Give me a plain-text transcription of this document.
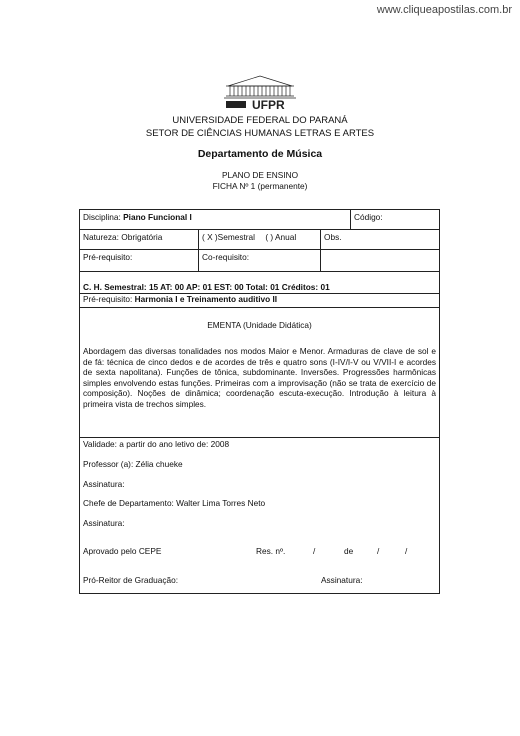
www.cliqueapostilas.com.br
UFPR
UNIVERSIDADE FEDERAL DO PARANÁ
SETOR DE CIÊNCIAS HUMANAS LETRAS E ARTES
Departamento de Música
PLANO DE ENSINO
FICHA Nº 1 (permanente)
Disciplina: Piano Funcional I	Código:
Natureza: Obrigatória	( X )Semestral ( ) Anual	Obs.
Pré-requisito:	Co-requisito:
C. H. Semestral: 15 AT: 00 AP: 01 EST: 00 Total: 01 Créditos: 01
Pré-requisito: Harmonia I e Treinamento auditivo II
EMENTA (Unidade Didática)
Abordagem das diversas tonalidades nos modos Maior e Menor. Armaduras de clave de sol e de fá: técnica de cinco dedos e de acordes de três e quatro sons (I-IV/I-V ou V/VII-I e acordes de sexta napolitana). Funções de tônica, subdominante. Inversões. Progressões harmônicas simples envolvendo estas funções. Primeiras com a improvisação (não se trata de exercício de composição). Noções de dinâmica; coordenação escuta-execução. Introdução à leitura à primeira vista de trechos simples.
Validade: a partir do ano letivo de: 2008
Professor (a): Zélia chueke
Assinatura:
Chefe de Departamento: Walter Lima Torres Neto
Assinatura:
Aprovado pelo CEPE	Res. nº.	/	de	/	/
Pró-Reitor de Graduação:	Assinatura:
